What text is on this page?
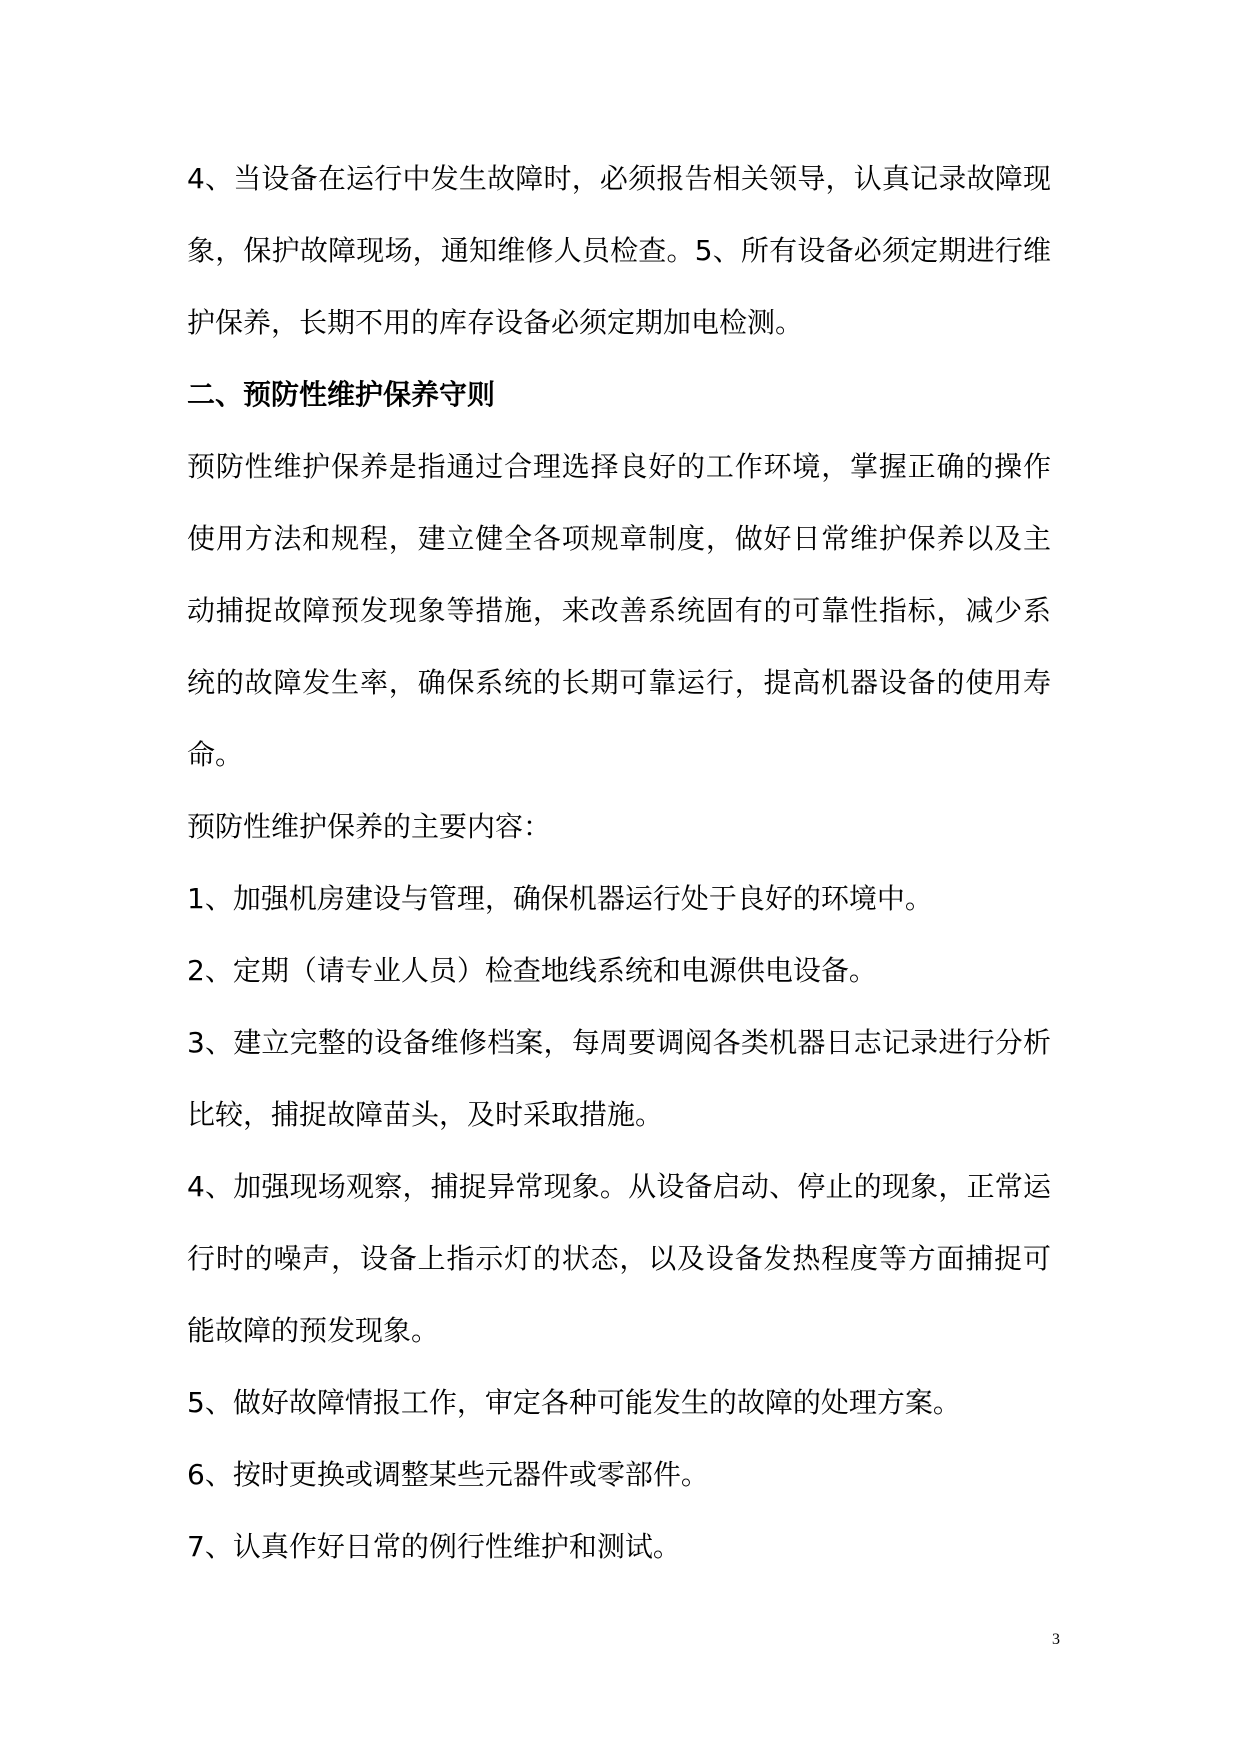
4、当设备在运行中发生故障时，必须报告相关领导，认真记录故障现象，保护故障现场，通知维修人员检查。5、所有设备必须定期进行维护保养，长期不用的库存设备必须定期加电检测。

二、预防性维护保养守则

预防性维护保养是指通过合理选择良好的工作环境，掌握正确的操作使用方法和规程，建立健全各项规章制度，做好日常维护保养以及主动捕捉故障预发现象等措施，来改善系统固有的可靠性指标，减少系统的故障发生率，确保系统的长期可靠运行，提高机器设备的使用寿命。

预防性维护保养的主要内容：

1、加强机房建设与管理，确保机器运行处于良好的环境中。

2、定期（请专业人员）检查地线系统和电源供电设备。

3、建立完整的设备维修档案，每周要调阅各类机器日志记录进行分析比较，捕捉故障苗头，及时采取措施。

4、加强现场观察，捕捉异常现象。从设备启动、停止的现象，正常运行时的噪声，设备上指示灯的状态，以及设备发热程度等方面捕捉可能故障的预发现象。

5、做好故障情报工作，审定各种可能发生的故障的处理方案。

6、按时更换或调整某些元器件或零部件。

7、认真作好日常的例行性维护和测试。

3
